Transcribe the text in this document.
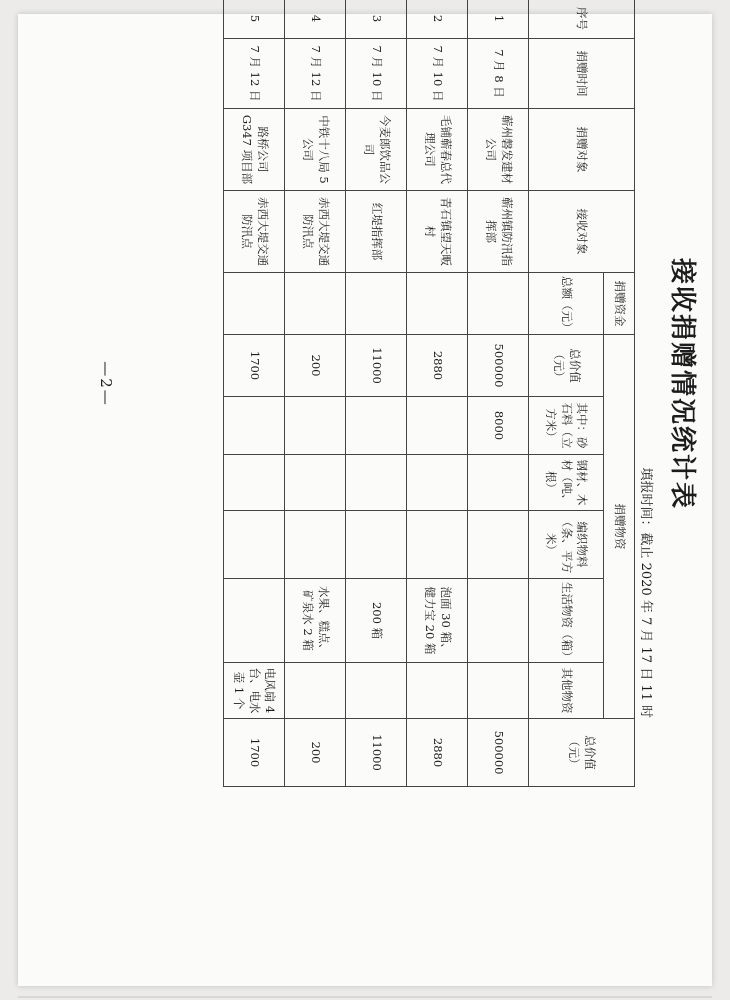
接收捐赠情况统计表
填报时间：截止 2020 年 7 月 17 日 11 时
序号	捐赠时间	捐赠对象	接收对象	捐赠资金	捐赠物资						总价值（元）
				总额（元）	总价值（元）	其中：砂石料（立方米）	钢材、木材（吨、根）	编织物料（条、平方米）	生活物资（箱）	其他物资	
1	7 月 8 日	蕲州磐发建材公司	蕲州镇防汛指挥部		500000	8000					500000
2	7 月 10 日	毛铺蕲春总代理公司	青石镇望天畈村		2880				泡面 30 箱、健力宝 20 箱		2880
3	7 月 10 日	今麦郎饮品公司	红堤指挥部		11000				200 箱		11000
4	7 月 12 日	中铁十八局 5 公司	赤西大堤交通防汛点		200				水果、糕点、矿泉水 2 箱		200
5	7 月 12 日	路桥公司 G347 项目部	赤西大堤交通防汛点		1700					电风扇 4 台、电水壶 1 个	1700
—2—
